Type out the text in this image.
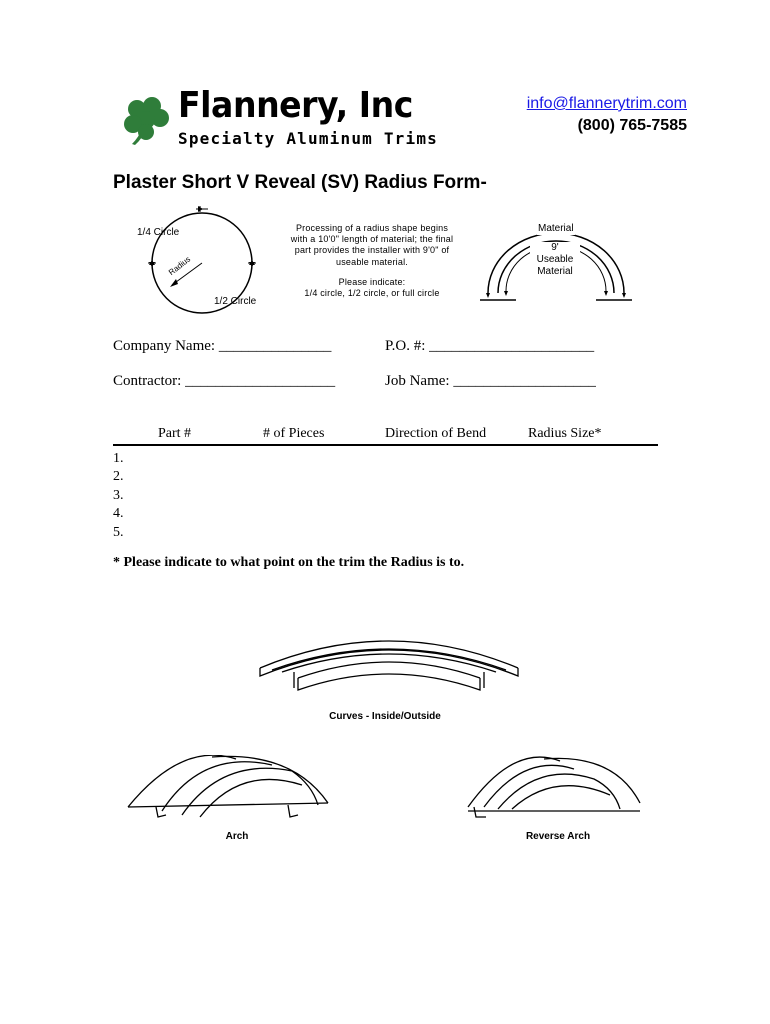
Flannery, Inc
Specialty Aluminum Trims
info@flannerytrim.com
(800) 765-7585
Plaster Short V Reveal (SV) Radius Form-
1/4 Circle
1/2 Circle
Radius
Processing of a radius shape begins with a 10'0" length of material; the final part provides the installer with 9'0" of useable material.
Please indicate:
1/4 circle, 1/2 circle, or full circle
Material
9'
Useable
Material
Company Name: _______________	P.O. #: ______________________
Contractor: ____________________	Job Name: ___________________
Part #	# of Pieces	Direction of Bend	Radius Size*
1.
2.
3.
4.
5.
* Please indicate to what point on the trim the Radius is to.
Curves - Inside/Outside
Arch	Reverse Arch
